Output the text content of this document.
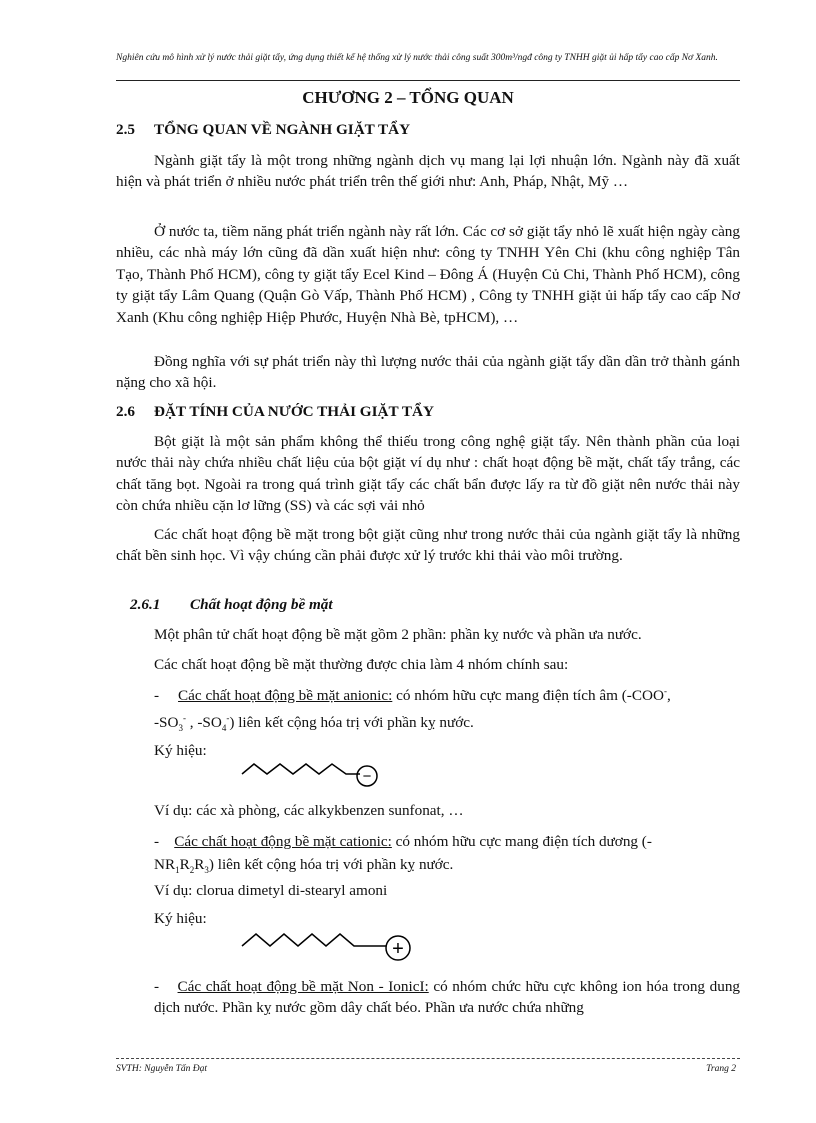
Nghiên cứu mô hình xử lý nước thải giặt tẩy, ứng dụng thiết kế hệ thống xử lý nước thải công suất 300m³/ngđ công ty TNHH giặt ủi hấp tẩy cao cấp Nơ Xanh.
CHƯƠNG 2 – TỔNG QUAN
2.5 TỔNG QUAN VỀ NGÀNH GIẶT TẨY
Ngành giặt tẩy là một trong những ngành dịch vụ mang lại lợi nhuận lớn. Ngành này đã xuất hiện và phát triển ở nhiều nước phát triển trên thế giới như: Anh, Pháp, Nhật, Mỹ …
Ở nước ta, tiềm năng phát triển ngành này rất lớn. Các cơ sở giặt tẩy nhỏ lẽ xuất hiện ngày càng nhiều, các nhà máy lớn cũng đã dần xuất hiện như: công ty TNHH Yên Chi (khu công nghiệp Tân Tạo, Thành Phố HCM), công ty giặt tẩy Ecel Kind – Đông Á (Huyện Củ Chi, Thành Phố HCM), công ty giặt tẩy Lâm Quang (Quận Gò Vấp, Thành Phố HCM) , Công ty TNHH giặt ủi hấp tẩy cao cấp Nơ Xanh (Khu công nghiệp Hiệp Phước, Huyện Nhà Bè, tpHCM), …
Đồng nghĩa với sự phát triển này thì lượng nước thải của ngành giặt tẩy dần dần trở thành gánh nặng cho xã hội.
2.6 ĐẶT TÍNH CỦA NƯỚC THẢI GIẶT TẨY
Bột giặt là một sản phẩm không thể thiếu trong công nghệ giặt tẩy. Nên thành phần của loại nước thải này chứa nhiều chất liệu của bột giặt ví dụ như : chất hoạt động bề mặt, chất tẩy trắng, các chất tăng bọt. Ngoài ra trong quá trình giặt tẩy các chất bẩn được lấy ra từ đồ giặt nên nước thải này còn chứa nhiều cặn lơ lững (SS) và các sợi vải nhỏ
Các chất hoạt động bề mặt trong bột giặt cũng như trong nước thải của ngành giặt tẩy là những chất bền sinh học. Vì vậy chúng cần phải được xử lý trước khi thải vào môi trường.
2.6.1 Chất hoạt động bề mặt
Một phân tử chất hoạt động bề mặt gồm 2 phần: phần kỵ nước và phần ưa nước.
Các chất hoạt động bề mặt thường được chia làm 4 nhóm chính sau:
- Các chất hoạt động bề mặt anionic: có nhóm hữu cực mang điện tích âm (-COO-,
$-SO_3^-$ , $-SO_4^-$) liên kết cộng hóa trị với phần kỵ nước.
Ký hiệu:
−
Ví dụ: các xà phòng, các alkykbenzen sunfonat, …
- Các chất hoạt động bề mặt cationic: có nhóm hữu cực mang điện tích dương (-
$NR_1R_2R_3$) liên kết cộng hóa trị với phần kỵ nước.
Ví dụ: clorua dimetyl di-stearyl amoni
Ký hiệu:
+
- Các chất hoạt động bề mặt Non - IonicI: có nhóm chức hữu cực không ion hóa trong dung dịch nước. Phần kỵ nước gồm dây chất béo. Phần ưa nước chứa những
SVTH: Nguyễn Tấn Đạt	Trang 2
